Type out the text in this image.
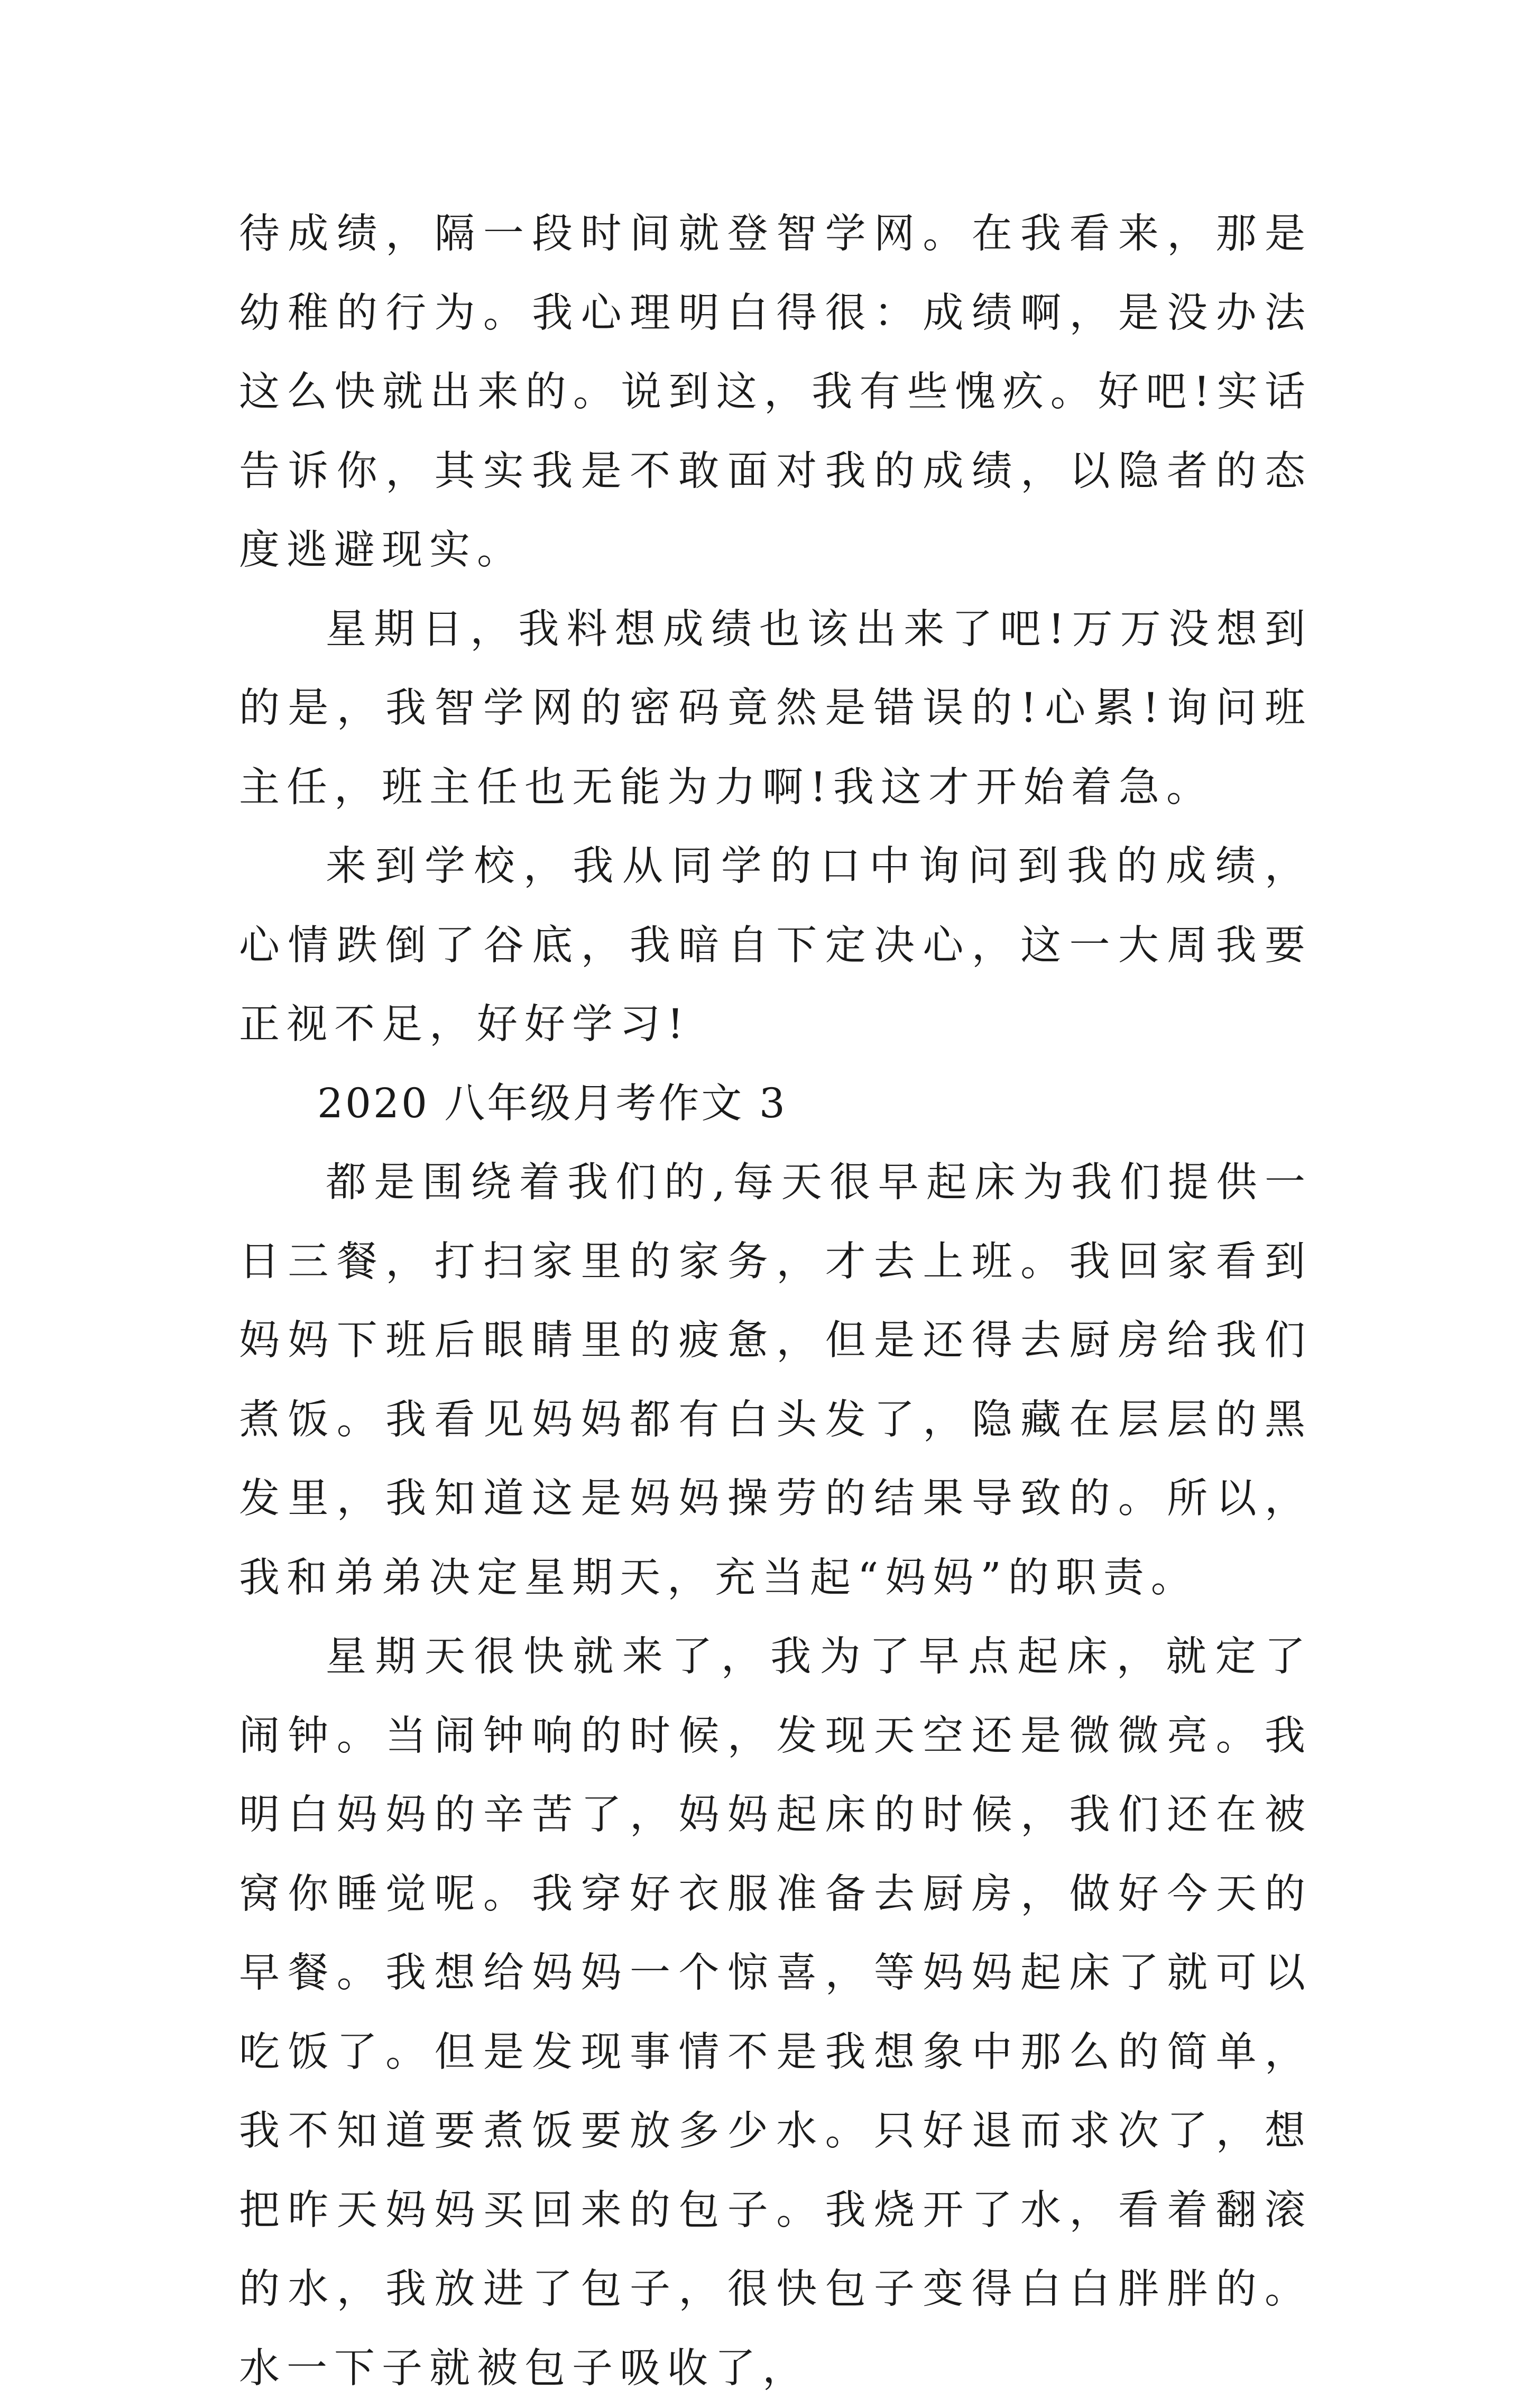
待成绩，隔一段时间就登智学网。在我看来，那是幼稚的行为。我心理明白得很：成绩啊，是没办法这么快就出来的。说到这，我有些愧疚。好吧!实话告诉你，其实我是不敢面对我的成绩，以隐者的态度逃避现实。

星期日，我料想成绩也该出来了吧!万万没想到的是，我智学网的密码竟然是错误的!心累!询问班主任，班主任也无能为力啊!我这才开始着急。

来到学校，我从同学的口中询问到我的成绩，心情跌倒了谷底，我暗自下定决心，这一大周我要正视不足，好好学习!

2020 八年级月考作文 3

都是围绕着我们的,每天很早起床为我们提供一日三餐，打扫家里的家务，才去上班。我回家看到妈妈下班后眼睛里的疲惫，但是还得去厨房给我们煮饭。我看见妈妈都有白头发了，隐藏在层层的黑发里，我知道这是妈妈操劳的结果导致的。所以，我和弟弟决定星期天，充当起“妈妈”的职责。

星期天很快就来了，我为了早点起床，就定了闹钟。当闹钟响的时候，发现天空还是微微亮。我明白妈妈的辛苦了，妈妈起床的时候，我们还在被窝你睡觉呢。我穿好衣服准备去厨房，做好今天的早餐。我想给妈妈一个惊喜，等妈妈起床了就可以吃饭了。但是发现事情不是我想象中那么的简单，我不知道要煮饭要放多少水。只好退而求次了，想把昨天妈妈买回来的包子。我烧开了水，看着翻滚的水，我放进了包子，很快包子变得白白胖胖的。水一下子就被包子吸收了，
